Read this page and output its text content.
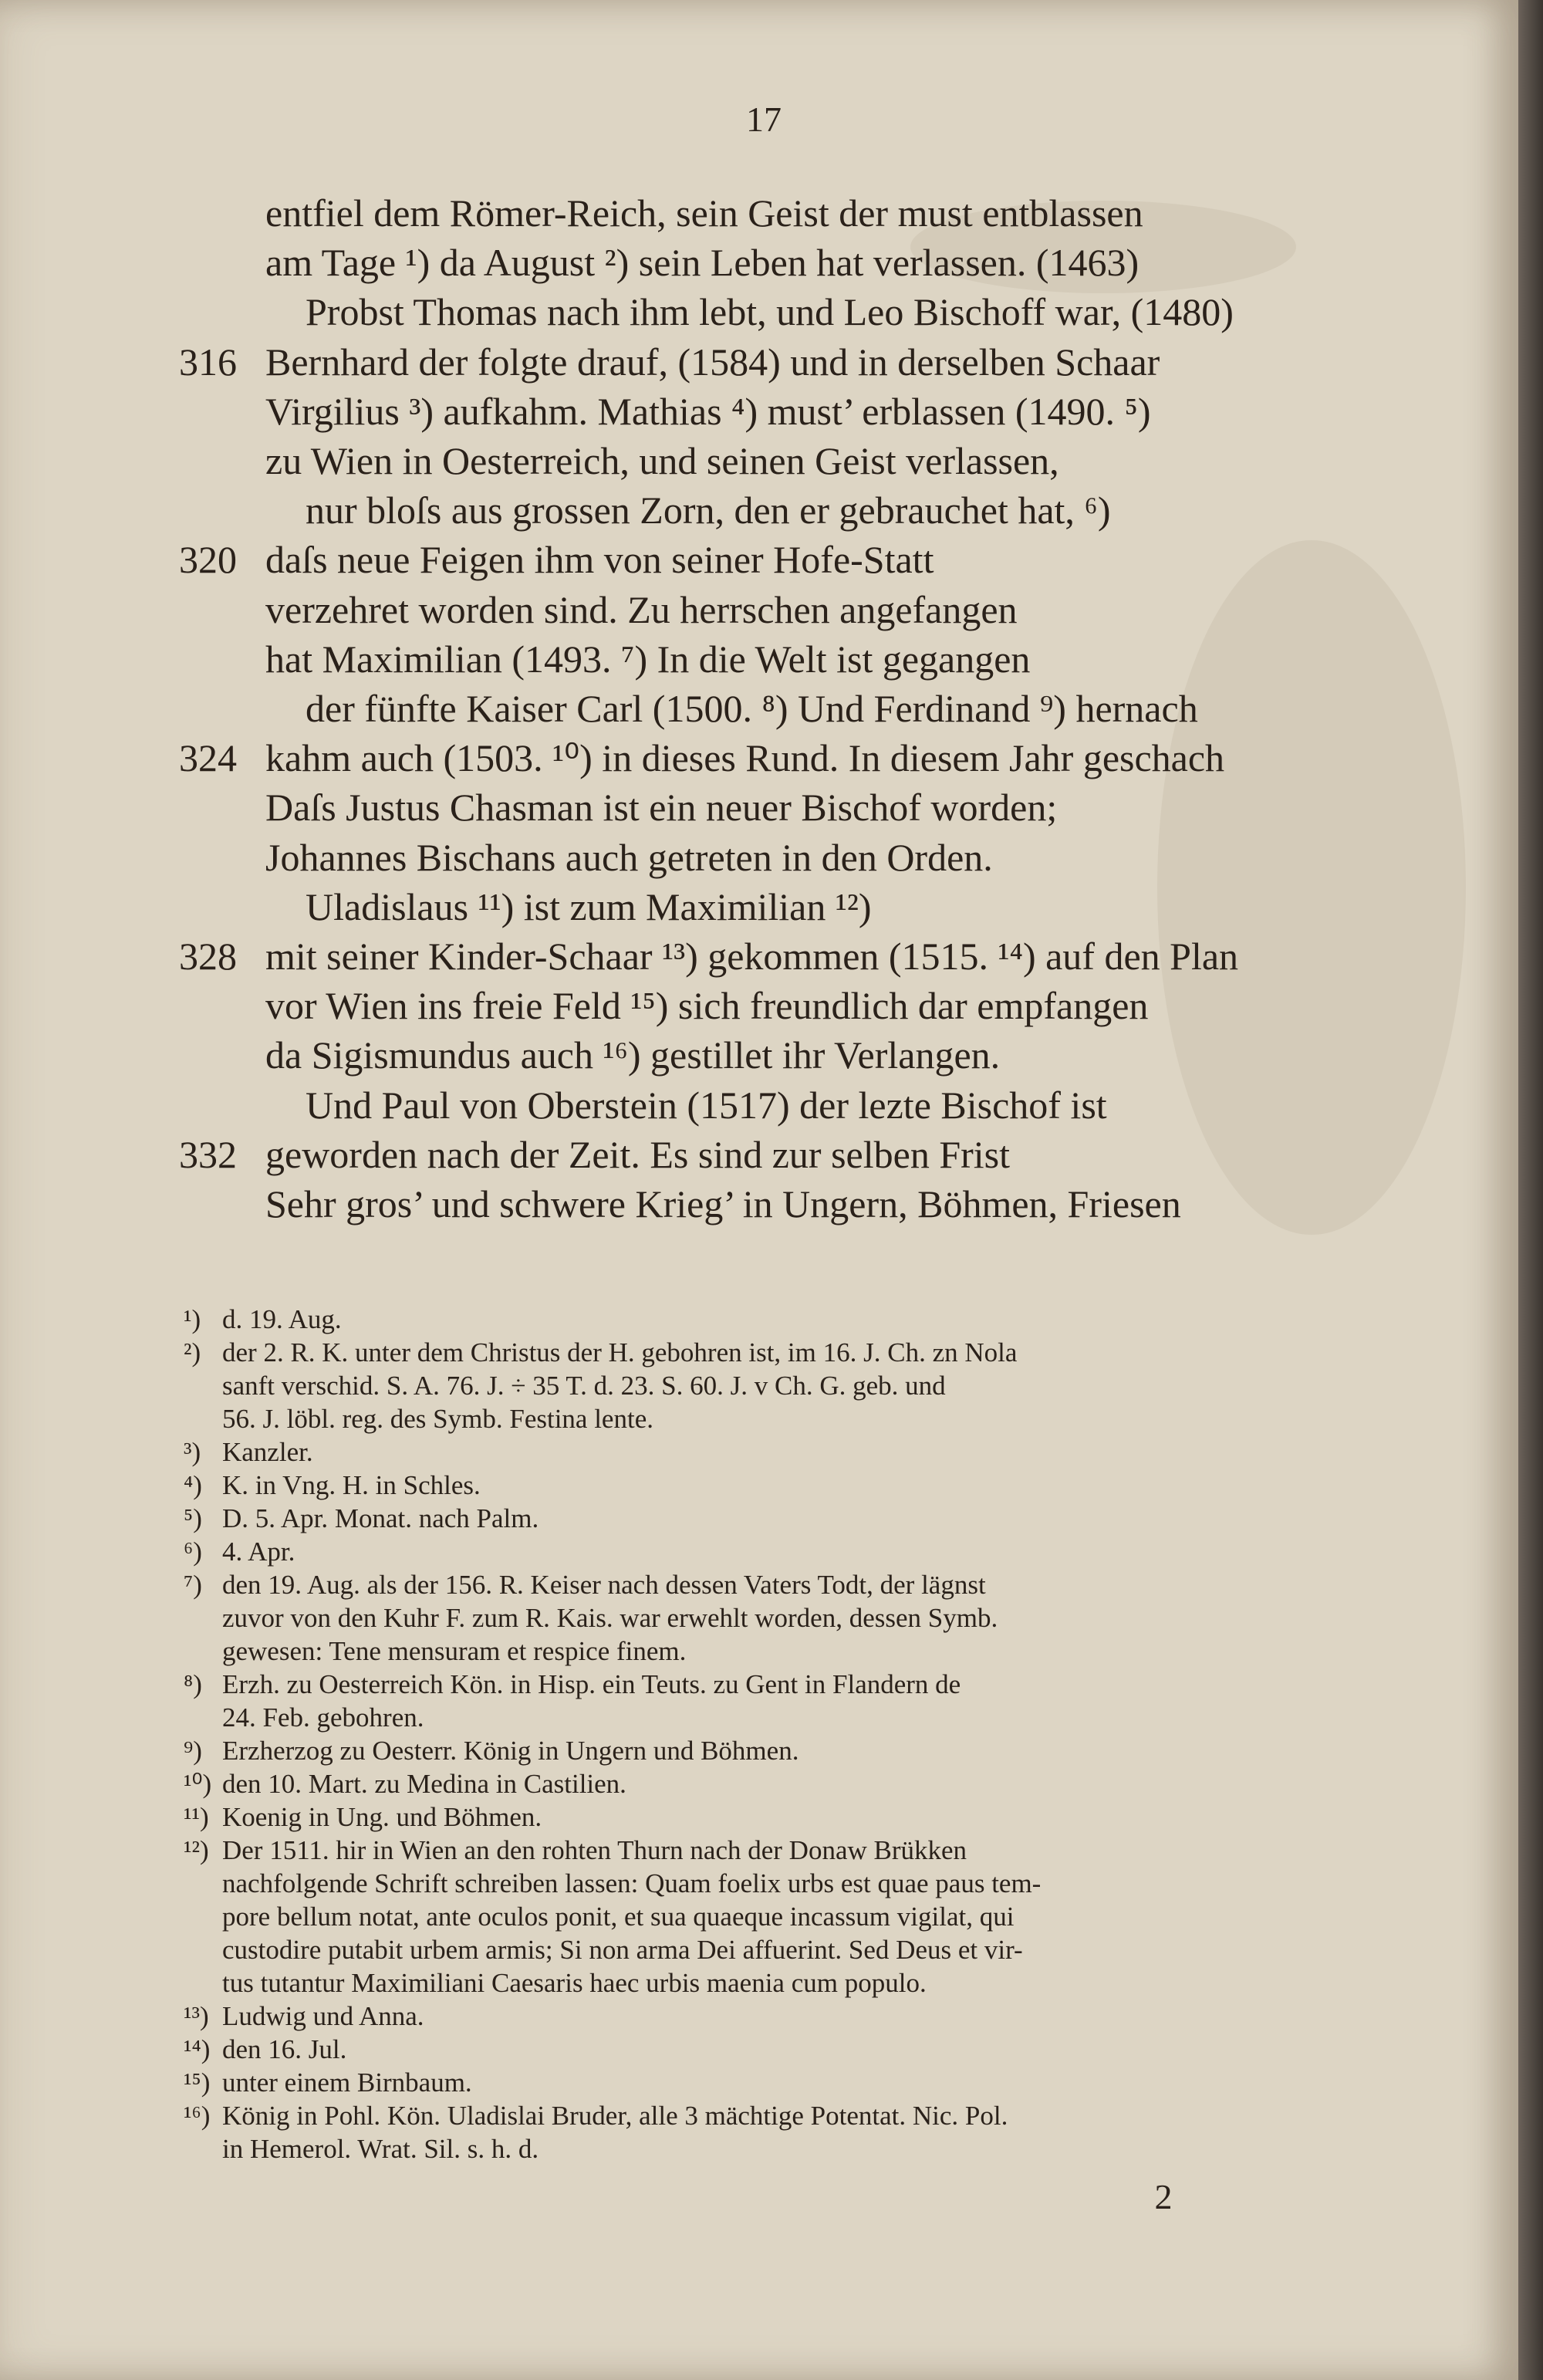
17
entfiel dem Römer-Reich, sein Geist der must entblassen
am Tage ¹) da August ²) sein Leben hat verlassen. (1463)
Probst Thomas nach ihm lebt, und Leo Bischoff war, (1480)
316 Bernhard der folgte drauf, (1584) und in derselben Schaar
Virgilius ³) aufkahm. Mathias ⁴) must’ erblassen (1490. ⁵)
zu Wien in Oesterreich, und seinen Geist verlassen,
nur bloſs aus grossen Zorn, den er gebrauchet hat, ⁶)
320 daſs neue Feigen ihm von seiner Hofe-Statt
verzehret worden sind. Zu herrschen angefangen
hat Maximilian (1493. ⁷) In die Welt ist gegangen
der fünfte Kaiser Carl (1500. ⁸) Und Ferdinand ⁹) hernach
324 kahm auch (1503. ¹⁰) in dieses Rund. In diesem Jahr geschach
Daſs Justus Chasman ist ein neuer Bischof worden;
Johannes Bischans auch getreten in den Orden.
Uladislaus ¹¹) ist zum Maximilian ¹²)
328 mit seiner Kinder-Schaar ¹³) gekommen (1515. ¹⁴) auf den Plan
vor Wien ins freie Feld ¹⁵) sich freundlich dar empfangen
da Sigismundus auch ¹⁶) gestillet ihr Verlangen.
Und Paul von Oberstein (1517) der lezte Bischof ist
332 geworden nach der Zeit. Es sind zur selben Frist
Sehr gros’ und schwere Krieg’ in Ungern, Böhmen, Friesen
¹) d. 19. Aug.
²) der 2. R. K. unter dem Christus der H. gebohren ist, im 16. J. Ch. zn Nola
sanft verschid. S. A. 76. J. ÷ 35 T. d. 23. S. 60. J. v Ch. G. geb. und
56. J. löbl. reg. des Symb. Festina lente.
³) Kanzler.
⁴) K. in Vng. H. in Schles.
⁵) D. 5. Apr. Monat. nach Palm.
⁶) 4. Apr.
⁷) den 19. Aug. als der 156. R. Keiser nach dessen Vaters Todt, der lägnst
zuvor von den Kuhr F. zum R. Kais. war erwehlt worden, dessen Symb.
gewesen: Tene mensuram et respice finem.
⁸) Erzh. zu Oesterreich Kön. in Hisp. ein Teuts. zu Gent in Flandern de
24. Feb. gebohren.
⁹) Erzherzog zu Oesterr. König in Ungern und Böhmen.
¹⁰) den 10. Mart. zu Medina in Castilien.
¹¹) Koenig in Ung. und Böhmen.
¹²) Der 1511. hir in Wien an den rohten Thurn nach der Donaw Brükken
nachfolgende Schrift schreiben lassen: Quam foelix urbs est quae paus tem-
pore bellum notat, ante oculos ponit, et sua quaeque incassum vigilat, qui
custodire putabit urbem armis; Si non arma Dei affuerint. Sed Deus et vir-
tus tutantur Maximiliani Caesaris haec urbis maenia cum populo.
¹³) Ludwig und Anna.
¹⁴) den 16. Jul.
¹⁵) unter einem Birnbaum.
¹⁶) König in Pohl. Kön. Uladislai Bruder, alle 3 mächtige Potentat. Nic. Pol.
in Hemerol. Wrat. Sil. s. h. d.
2
